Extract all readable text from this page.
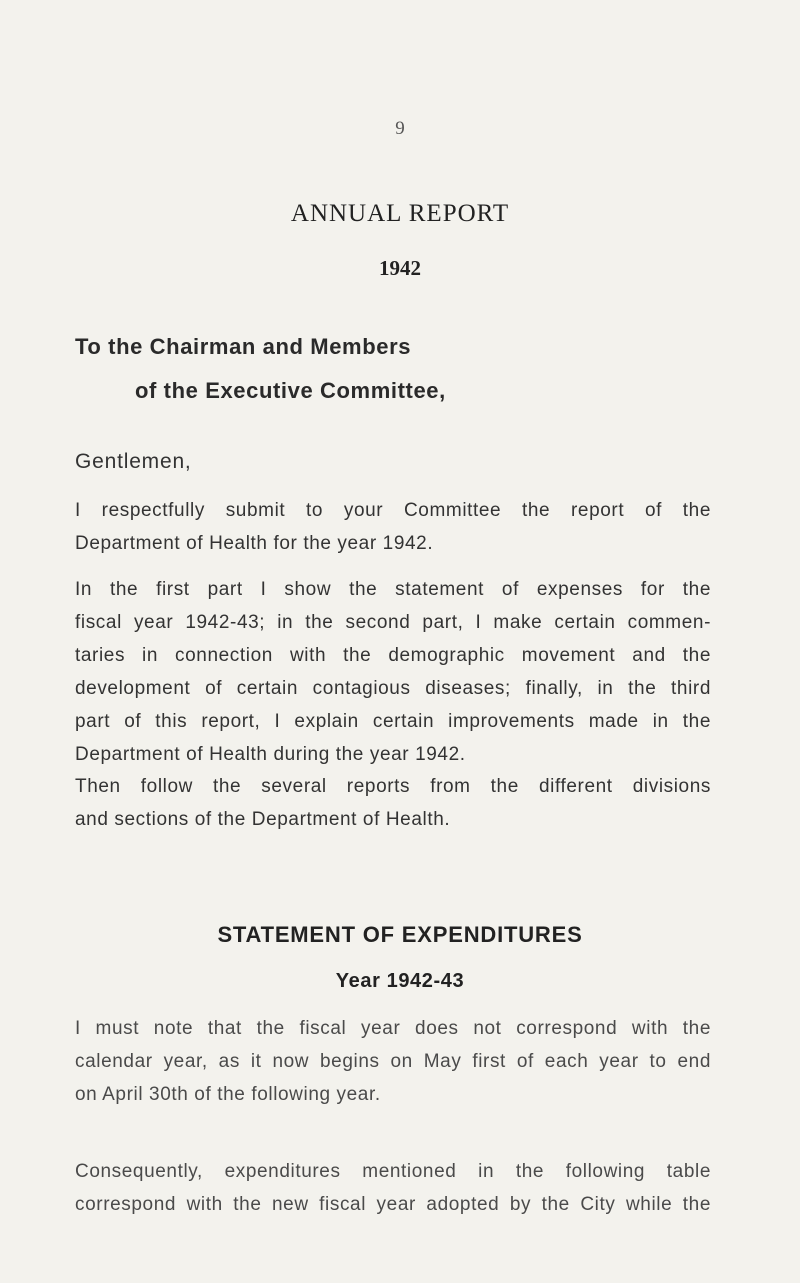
9
ANNUAL REPORT
1942
To the Chairman and Members
of the Executive Committee,
Gentlemen,
I respectfully submit to your Committee the report of the
Department of Health for the year 1942.
In the first part I show the statement of expenses for the
fiscal year 1942-43; in the second part, I make certain commen-
taries in connection with the demographic movement and the
development of certain contagious diseases; finally, in the third
part of this report, I explain certain improvements made in the
Department of Health during the year 1942.
Then follow the several reports from the different divisions
and sections of the Department of Health.
STATEMENT OF EXPENDITURES
Year 1942-43
I must note that the fiscal year does not correspond with the
calendar year, as it now begins on May first of each year to end
on April 30th of the following year.
Consequently, expenditures mentioned in the following table
correspond with the new fiscal year adopted by the City while the
